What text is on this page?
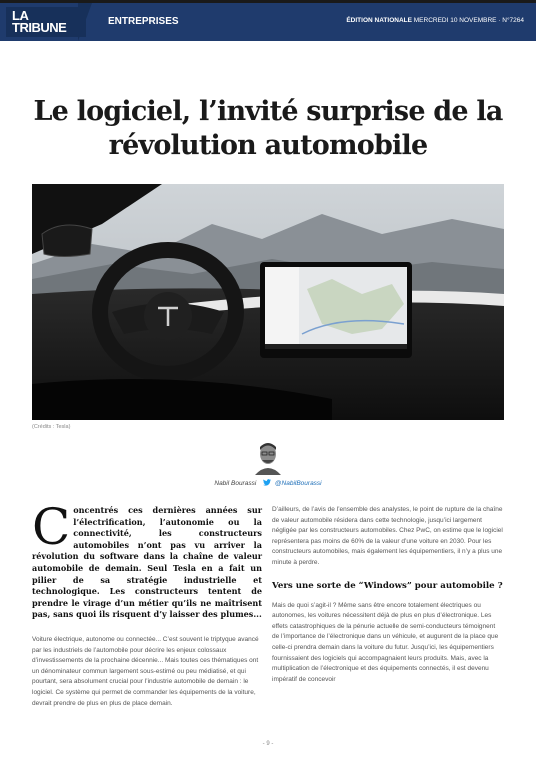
LA
TRIBUNE	ENTREPRISES	ÉDITION NATIONALE MERCREDI 10 NOVEMBRE · N°7264
Le logiciel, l’invité surprise de la révolution automobile
(Crédits : Tesla)
Nabil Bourassi	@NabilBourassi

Concentrés ces dernières années sur l’électrification, l’autonomie ou la connectivité, les constructeurs automobiles n’ont pas vu arriver la révolution du software dans la chaîne de valeur automobile de demain. Seul Tesla en a fait un pilier de sa stratégie industrielle et technologique. Les constructeurs tentent de prendre le virage d’un métier qu’ils ne maîtrisent pas, sans quoi ils risquent d’y laisser des plumes...

Voiture électrique, autonome ou connectée... C’est souvent le triptyque avancé par les industriels de l’automobile pour décrire les enjeux colossaux d’investissements de la prochaine décennie... Mais toutes ces thématiques ont un dénominateur commun largement sous-estimé ou peu médiatisé, et qui pourtant, sera absolument crucial pour l’industrie automobile de demain : le logiciel. Ce système qui permet de commander les équipements de la voiture, devrait prendre de plus en plus de place demain.

D’ailleurs, de l’avis de l’ensemble des analystes, le point de rupture de la chaîne de valeur automobile résidera dans cette technologie, jusqu’ici largement négligée par les constructeurs automobiles. Chez PwC, on estime que le logiciel représentera pas moins de 60% de la valeur d’une voiture en 2030. Pour les constructeurs automobiles, mais également les équipementiers, il n’y a plus une minute à perdre.

Vers une sorte de “Windows” pour automobile ?

Mais de quoi s’agit-il ? Même sans être encore totalement électriques ou autonomes, les voitures nécessitent déjà de plus en plus d’électronique. Les effets catastrophiques de la pénurie actuelle de semi-conducteurs témoignent de l’importance de l’électronique dans un véhicule, et augurent de la place que celle-ci prendra demain dans la voiture du futur. Jusqu’ici, les équipementiers fournissaient des logiciels qui accompagnaient leurs produits. Mais, avec la multiplication de l’électronique et des équipements connectés, il est devenu impératif de concevoir

- 9 -
